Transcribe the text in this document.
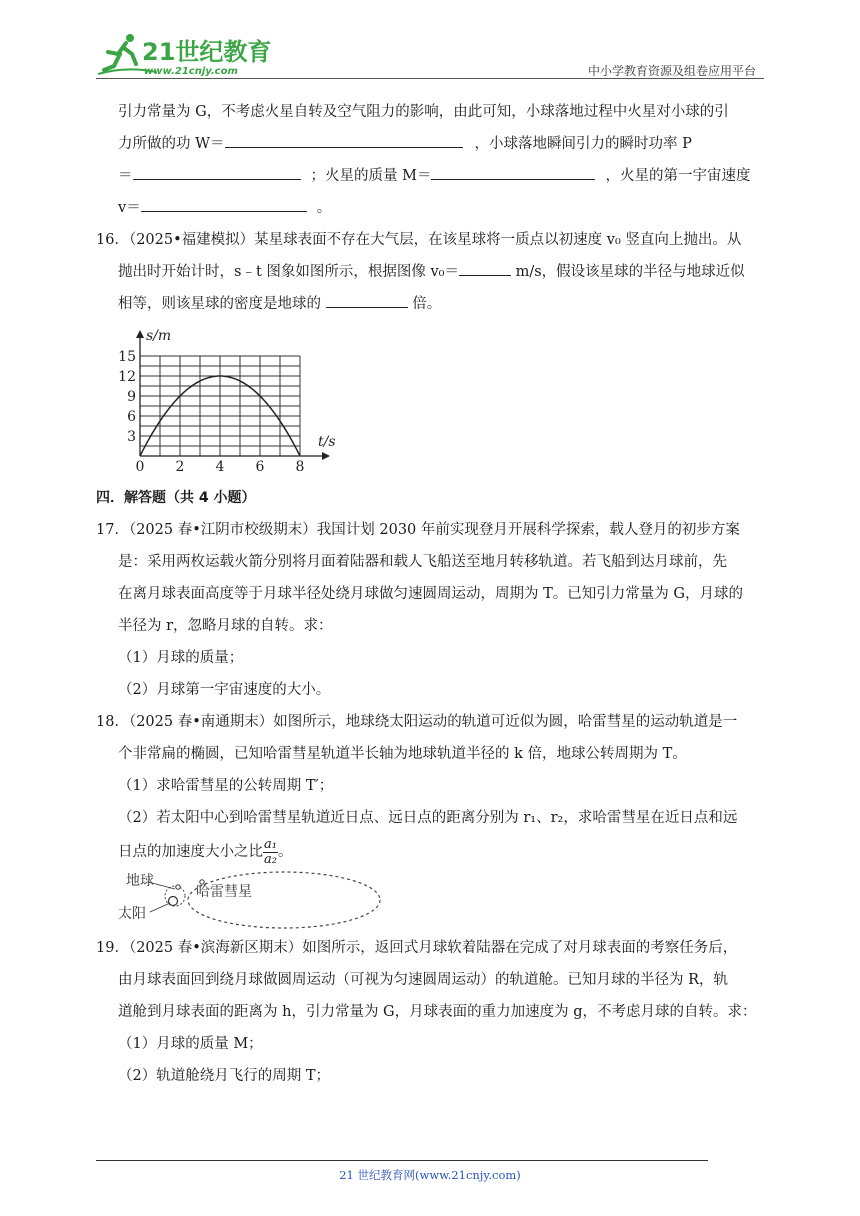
21世纪教育
www.21cnjy.com	中小学教育资源及组卷应用平台

引力常量为 G，不考虑火星自转及空气阻力的影响，由此可知，小球落地过程中火星对小球的引

力所做的功 W＝	，小球落地瞬间引力的瞬时功率 P

＝	；火星的质量 M＝	，火星的第一宇宙速度

v＝	。

16．（2025•福建模拟）某星球表面不存在大气层，在该星球将一质点以初速度 v₀ 竖直向上抛出。从

抛出时开始计时，s﹣t 图象如图所示，根据图像 v₀＝	m/s，假设该星球的半径与地球近似

相等，则该星球的密度是地球的	倍。

s/m
t/s
0 2 4 6 8
3
6
9
12
15

四．解答题（共 4 小题）

17．（2025 春•江阴市校级期末）我国计划 2030 年前实现登月开展科学探索，载人登月的初步方案

是：采用两枚运载火箭分别将月面着陆器和载人飞船送至地月转移轨道。若飞船到达月球前，先

在离月球表面高度等于月球半径处绕月球做匀速圆周运动，周期为 T。已知引力常量为 G，月球的

半径为 r，忽略月球的自转。求：

（1）月球的质量；

（2）月球第一宇宙速度的大小。

18．（2025 春•南通期末）如图所示，地球绕太阳运动的轨道可近似为圆，哈雷彗星的运动轨道是一

个非常扁的椭圆，已知哈雷彗星轨道半长轴为地球轨道半径的 k 倍，地球公转周期为 T。

（1）求哈雷彗星的公转周期 T′；

（2）若太阳中心到哈雷彗星轨道近日点、远日点的距离分别为 r₁、r₂，求哈雷彗星在近日点和远

日点的加速度大小之比 $\frac{\text{a₁}}{\text{a₂}}$ 。

地球
太阳
哈雷彗星

19．（2025 春•滨海新区期末）如图所示，返回式月球软着陆器在完成了对月球表面的考察任务后，

由月球表面回到绕月球做圆周运动（可视为匀速圆周运动）的轨道舱。已知月球的半径为 R，轨

道舱到月球表面的距离为 h，引力常量为 G，月球表面的重力加速度为 g，不考虑月球的自转。求：

（1）月球的质量 M；

（2）轨道舱绕月飞行的周期 T；

21 世纪教育网(www.21cnjy.com)
